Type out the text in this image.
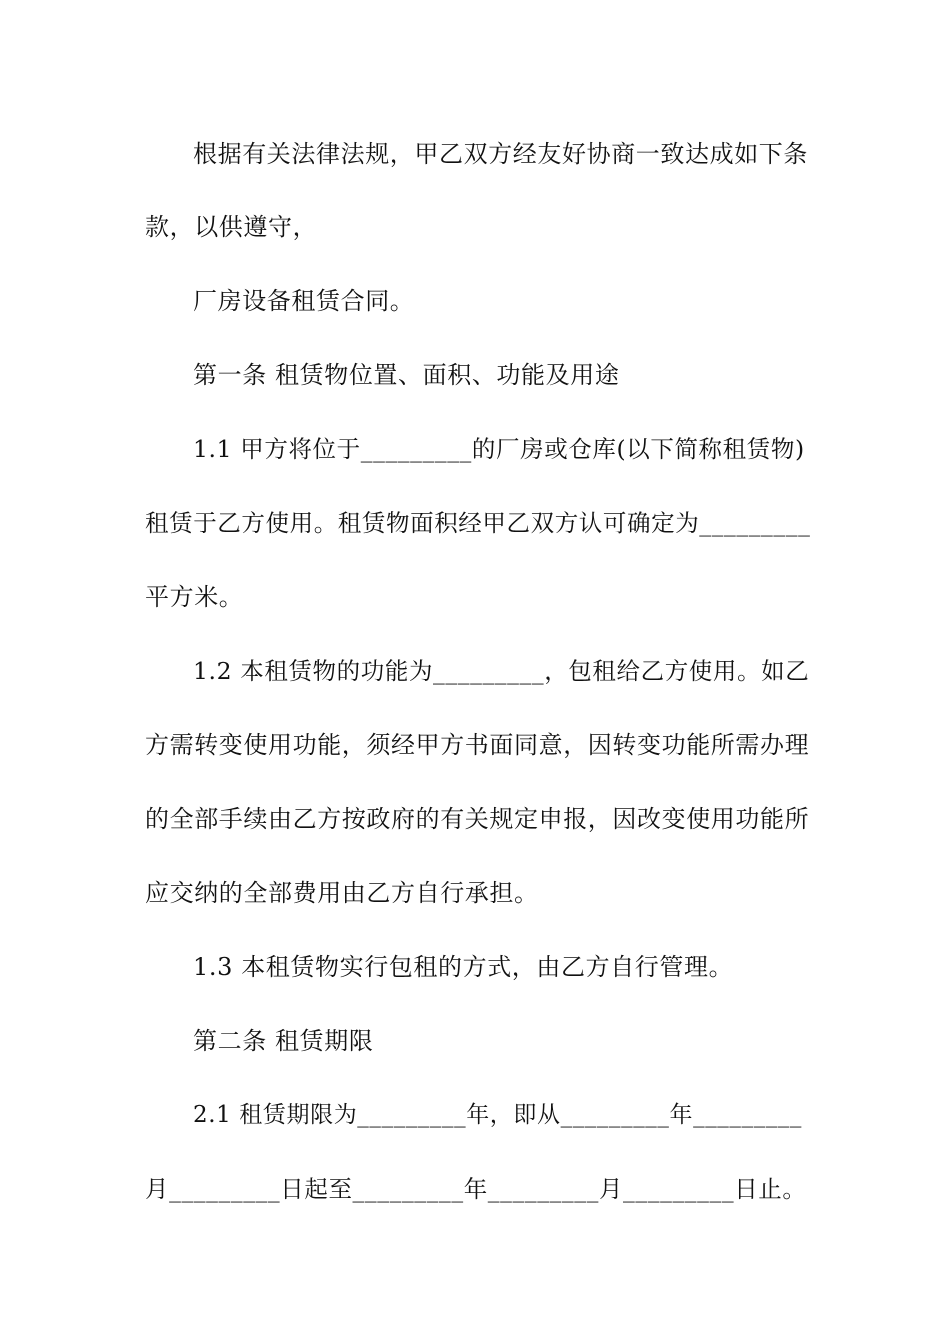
根据有关法律法规，甲乙双方经友好协商一致达成如下条
款，以供遵守，
厂房设备租赁合同。
第一条 租赁物位置、面积、功能及用途
1.1 甲方将位于_________的厂房或仓库(以下简称租赁物)
租赁于乙方使用。租赁物面积经甲乙双方认可确定为_________
平方米。
1.2 本租赁物的功能为_________，包租给乙方使用。如乙
方需转变使用功能，须经甲方书面同意，因转变功能所需办理
的全部手续由乙方按政府的有关规定申报，因改变使用功能所
应交纳的全部费用由乙方自行承担。
1.3 本租赁物实行包租的方式，由乙方自行管理。
第二条 租赁期限
2.1 租赁期限为_________年，即从_________年_________
月_________日起至_________年_________月_________日止。
